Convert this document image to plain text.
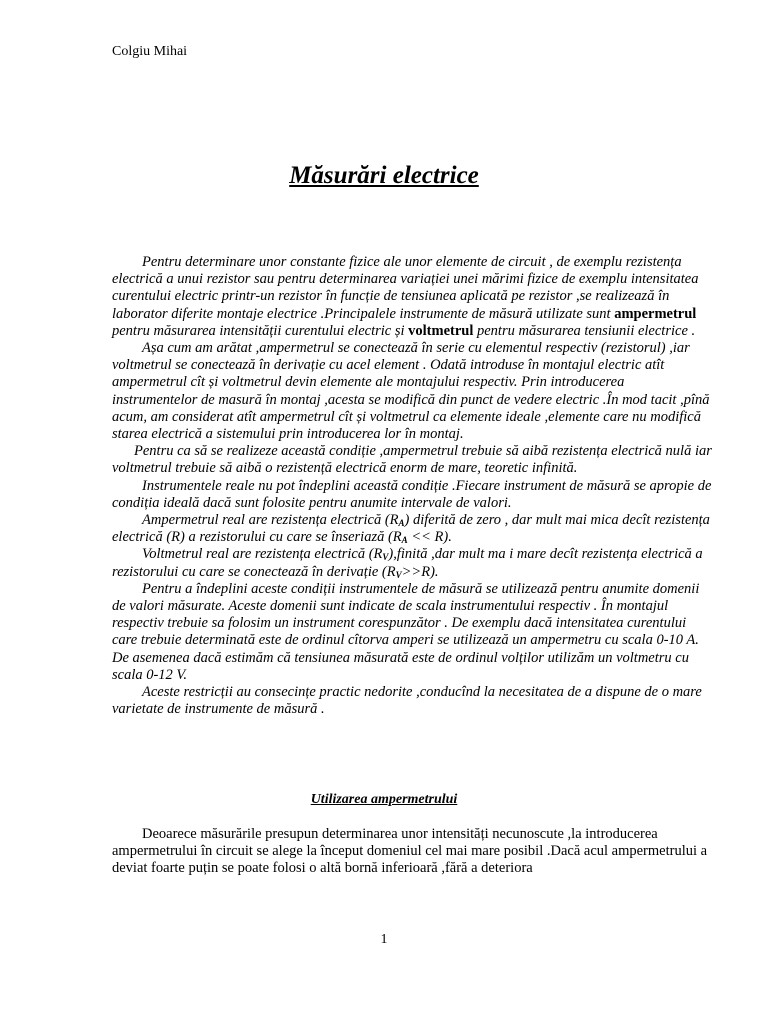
Colgiu Mihai
Măsurări electrice

Pentru determinare unor constante fizice ale unor elemente de circuit , de exemplu rezistența electrică a unui rezistor sau pentru determinarea variației unei mărimi fizice de exemplu intensitatea curentului electric printr-un rezistor în funcție de tensiunea aplicată pe rezistor ,se realizează în laborator diferite montaje electrice .Principalele instrumente de măsură utilizate sunt ampermetrul pentru măsurarea intensității curentului electric și voltmetrul pentru măsurarea tensiunii electrice .

Așa cum am arătat ,ampermetrul se conectează în serie cu elementul respectiv (rezistorul) ,iar voltmetrul se conectează în derivație cu acel element . Odată introduse în montajul electric atît ampermetrul cît și voltmetrul devin elemente ale montajului respectiv. Prin introducerea instrumentelor de masură în montaj ,acesta se modifică din punct de vedere electric .În mod tacit ,pînă acum, am considerat atît ampermetrul cît și voltmetrul ca elemente ideale ,elemente care nu modifică starea electrică a sistemului prin introducerea lor în montaj.

Pentru ca să se realizeze această condiție ,ampermetrul trebuie să aibă rezistența electrică nulă iar voltmetrul trebuie să aibă o rezistență electrică enorm de mare, teoretic infinită.

Instrumentele reale nu pot îndeplini această condiție .Fiecare instrument de măsură se apropie de condiția ideală dacă sunt folosite pentru anumite intervale de valori.

Ampermetrul real are rezistența electrică $(R_A)$ diferită de zero , dar mult mai mica decît rezistența electrică (R) a rezistorului cu care se înseriază $(R_A << R)$.

Voltmetrul real are rezistența electrică $(R_V),finită$ ,dar mult ma i mare decît rezistența electrică a rezistorului cu care se conectează în derivație $(R_V>>R)$.

Pentru a îndeplini aceste condiții instrumentele de măsură se utilizează pentru anumite domenii de valori măsurate. Aceste domenii sunt indicate de scala instrumentului respectiv . În montajul respectiv trebuie sa folosim un instrument corespunzător . De exemplu dacă intensitatea curentului care trebuie determinată este de ordinul cîtorva amperi se utilizează un ampermetru cu scala 0-10 A. De asemenea dacă estimăm că tensiunea măsurată este de ordinul volților utilizăm un voltmetru cu scala 0-12 V.

Aceste restricții au consecințe practic nedorite ,conducînd la necesitatea de a dispune de o mare varietate de instrumente de măsură .

Utilizarea ampermetrului

Deoarece măsurările presupun determinarea unor intensități necunoscute ,la introducerea ampermetrului în circuit se alege la început domeniul cel mai mare posibil .Dacă acul ampermetrului a deviat foarte puțin se poate folosi o altă bornă inferioară ,fără a deteriora

1
